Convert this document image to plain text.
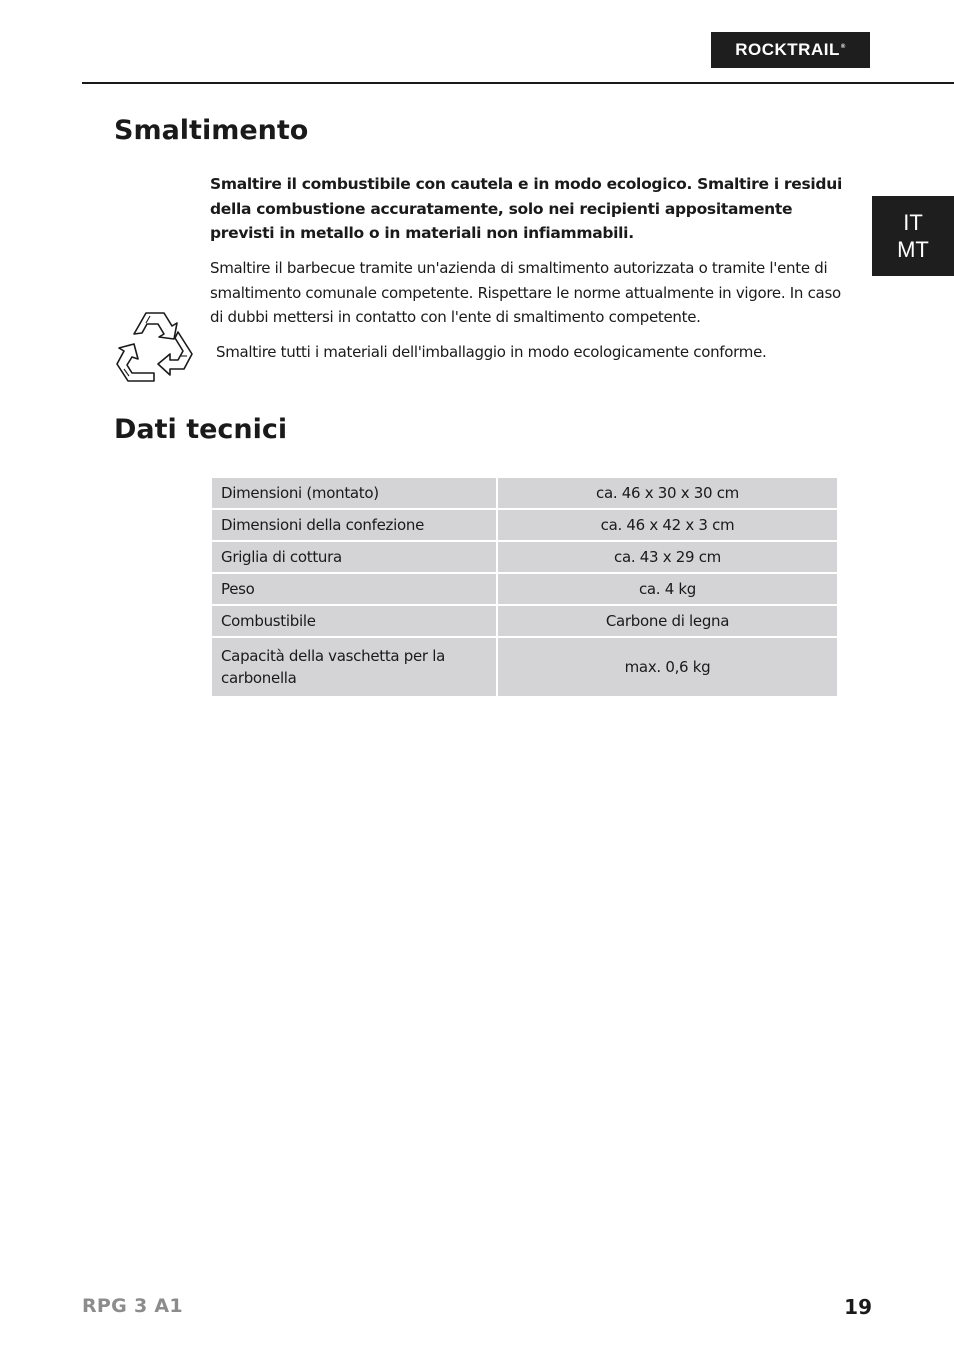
ROCKTRAIL®
IT
MT
Smaltimento

Smaltire il combustibile con cautela e in modo ecologico. Smaltire i residui della combustione accuratamente, solo nei recipienti appositamente previsti in metallo o in materiali non infiammabili.

Smaltire il barbecue tramite un'azienda di smaltimento autorizzata o tramite l'ente di smaltimento comunale competente. Rispettare le norme attualmente in vigore. In caso di dubbi mettersi in contatto con l'ente di smaltimento competente.

Smaltire tutti i materiali dell'imballaggio in modo ecologicamente conforme.

Dati tecnici
Dimensioni (montato)	ca. 46 x 30 x 30 cm
Dimensioni della confezione	ca. 46 x 42 x 3 cm
Griglia di cottura	ca. 43 x 29 cm
Peso	ca. 4 kg
Combustibile	Carbone di legna
Capacità della vaschetta per la carbonella	max. 0,6 kg
RPG 3 A1	19
